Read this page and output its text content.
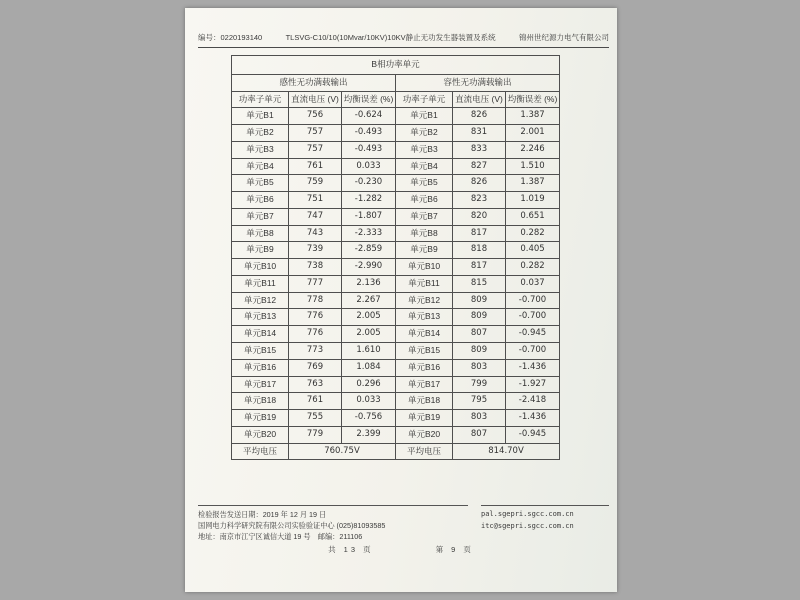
编号：0220193140	TLSVG-C10/10(10Mvar/10KV)10KV静止无功发生器装置及系统	锦州世纪源力电气有限公司
B相功率单元					
感性无功满载输出			容性无功满载输出		
功率子单元	直流电压 (V)	均衡误差 (%)	功率子单元	直流电压 (V)	均衡误差 (%)
单元B1	756	-0.624	单元B1	826	1.387
单元B2	757	-0.493	单元B2	831	2.001
单元B3	757	-0.493	单元B3	833	2.246
单元B4	761	0.033	单元B4	827	1.510
单元B5	759	-0.230	单元B5	826	1.387
单元B6	751	-1.282	单元B6	823	1.019
单元B7	747	-1.807	单元B7	820	0.651
单元B8	743	-2.333	单元B8	817	0.282
单元B9	739	-2.859	单元B9	818	0.405
单元B10	738	-2.990	单元B10	817	0.282
单元B11	777	2.136	单元B11	815	0.037
单元B12	778	2.267	单元B12	809	-0.700
单元B13	776	2.005	单元B13	809	-0.700
单元B14	776	2.005	单元B14	807	-0.945
单元B15	773	1.610	单元B15	809	-0.700
单元B16	769	1.084	单元B16	803	-1.436
单元B17	763	0.296	单元B17	799	-1.927
单元B18	761	0.033	单元B18	795	-2.418
单元B19	755	-0.756	单元B19	803	-1.436
单元B20	779	2.399	单元B20	807	-0.945
平均电压	760.75V		平均电压	814.70V	
检验报告发送日期：2019 年 12 月 19 日
国网电力科学研究院有限公司实验验证中心 (025)81093585
地址：南京市江宁区诚信大道 19 号　邮编：211106
pal.sgepri.sgcc.com.cn
itc@sgepri.sgcc.com.cn
共 13 页	第 9 页
